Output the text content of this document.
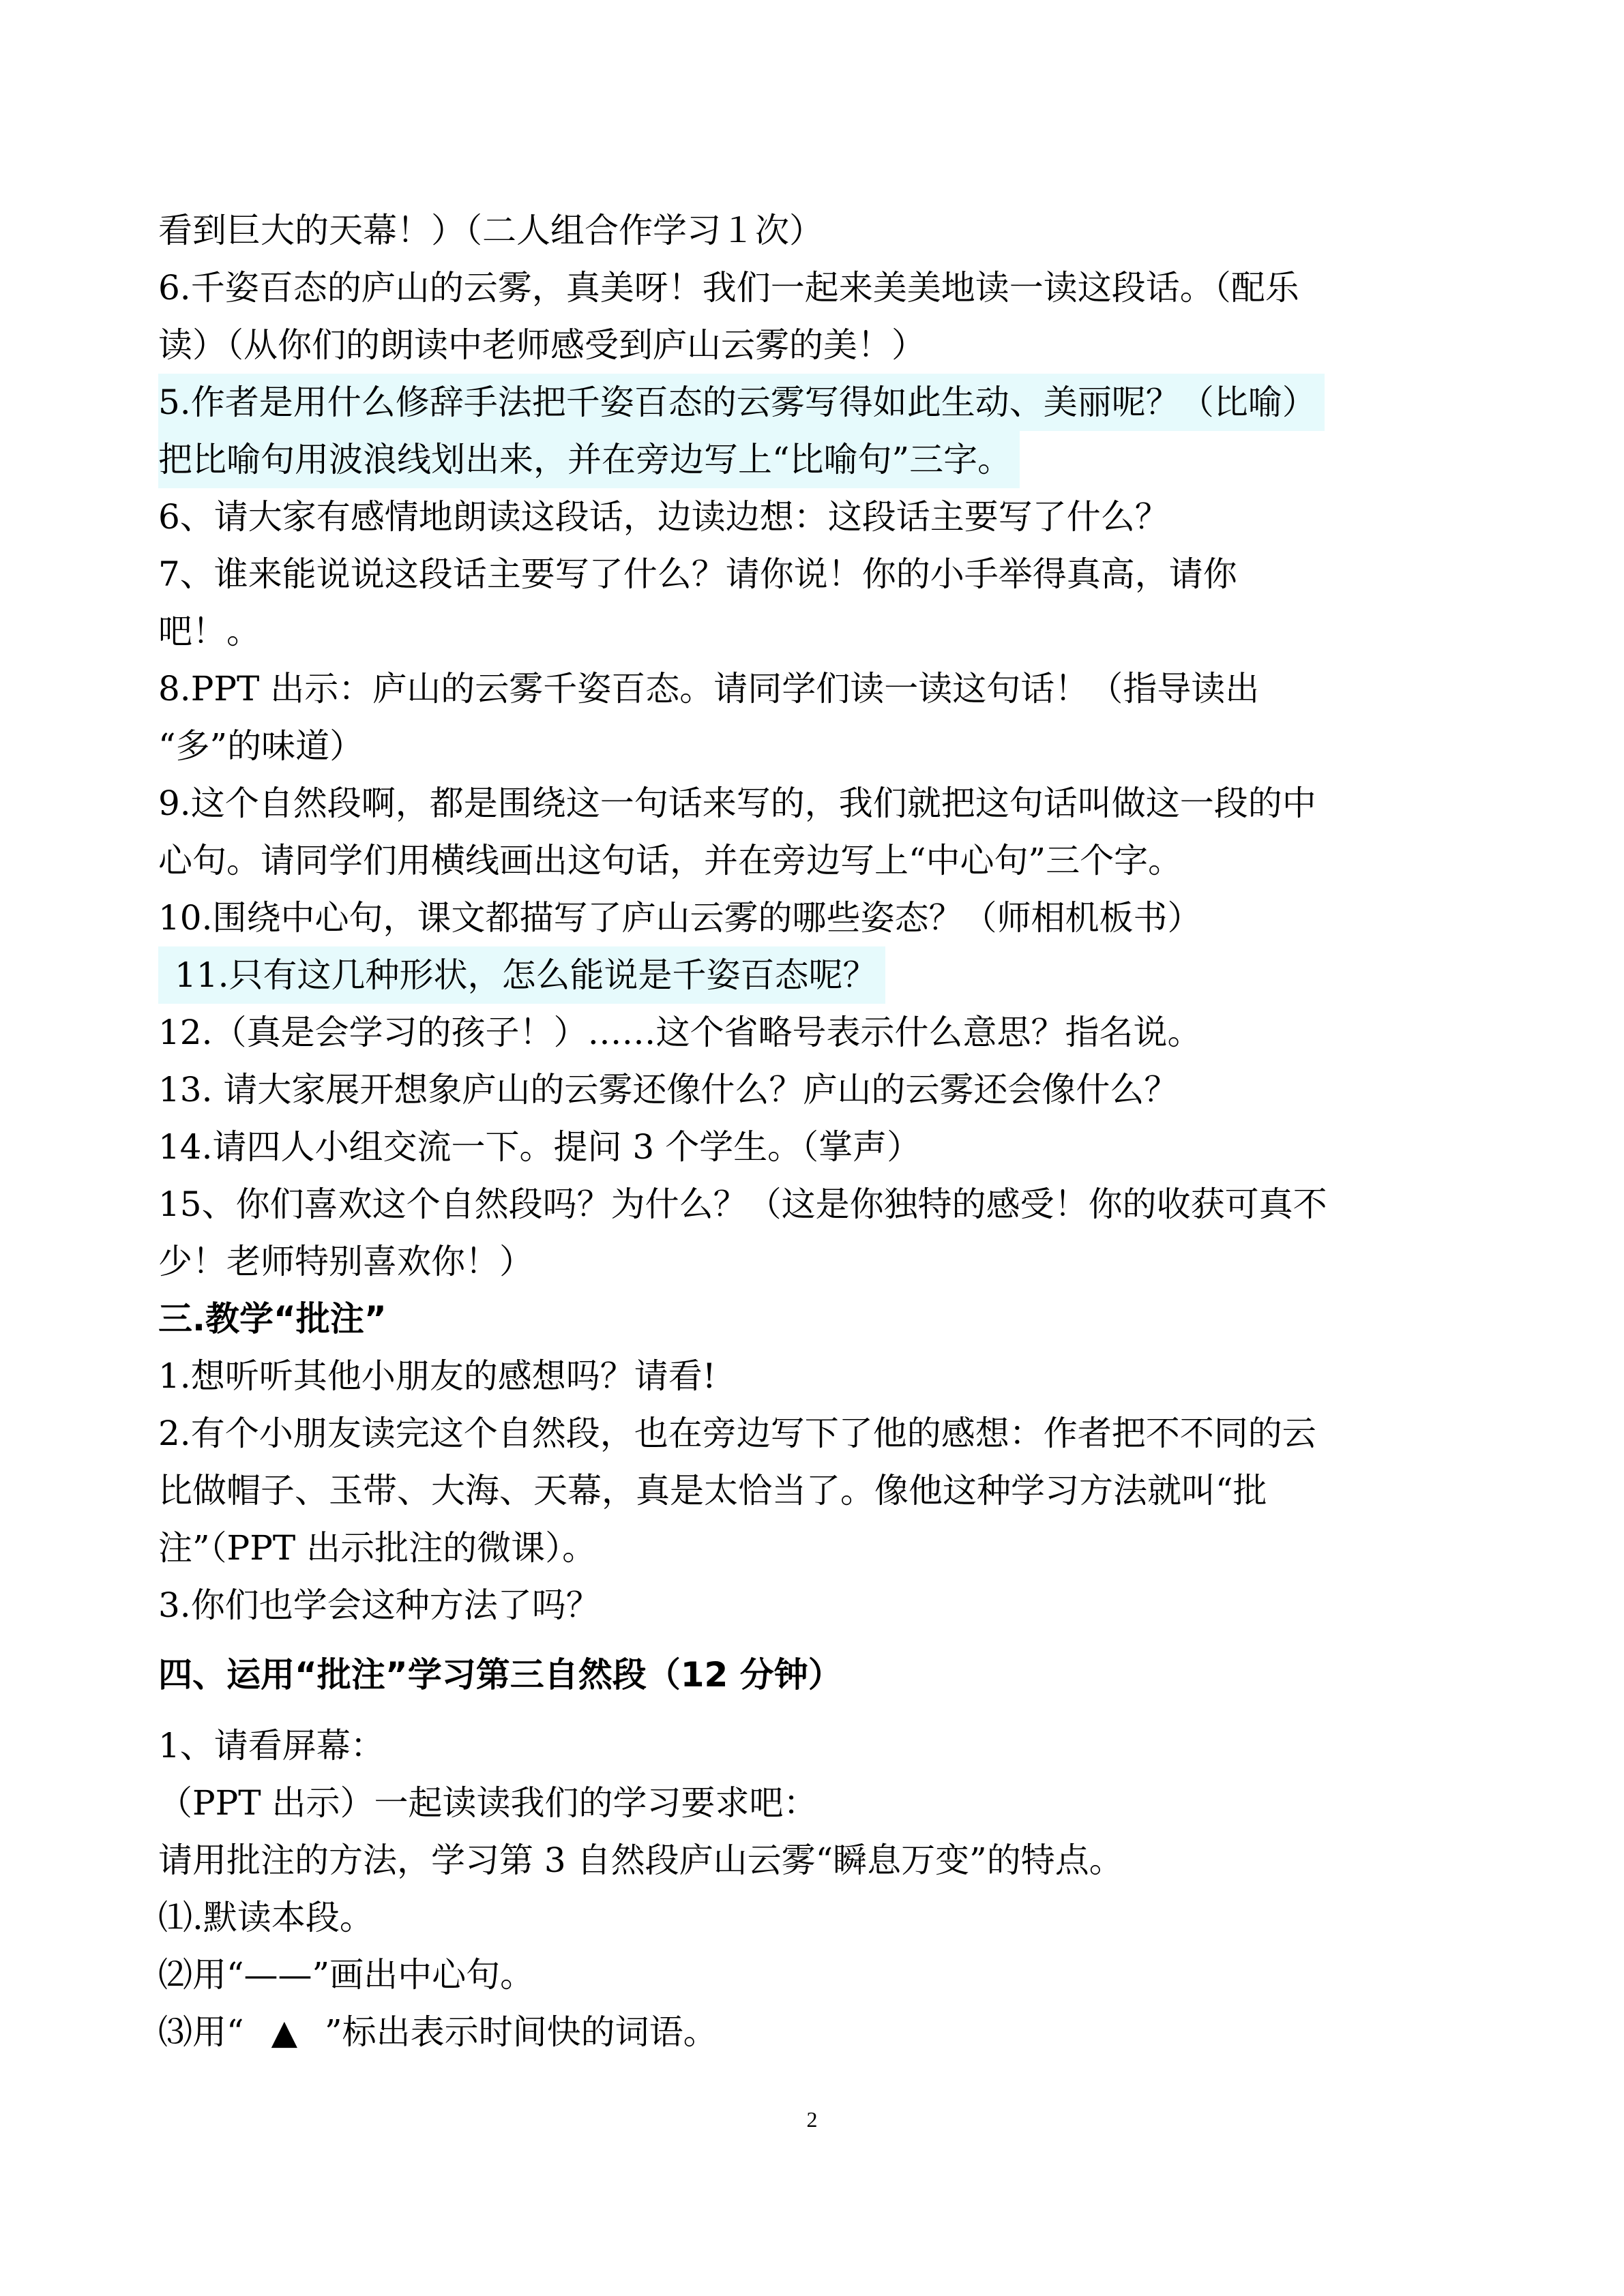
看到巨大的天幕！）（二人组合作学习１次）
6.千姿百态的庐山的云雾，真美呀！我们一起来美美地读一读这段话。（配乐
读）（从你们的朗读中老师感受到庐山云雾的美！）
5.作者是用什么修辞手法把千姿百态的云雾写得如此生动、美丽呢？（比喻）
把比喻句用波浪线划出来，并在旁边写上“比喻句”三字。
6、请大家有感情地朗读这段话，边读边想：这段话主要写了什么？
7、谁来能说说这段话主要写了什么？请你说！你的小手举得真高，请你
吧！。
8.PPT 出示：庐山的云雾千姿百态。请同学们读一读这句话！（指导读出
“多”的味道）
9.这个自然段啊，都是围绕这一句话来写的，我们就把这句话叫做这一段的中
心句。请同学们用横线画出这句话，并在旁边写上“中心句”三个字。
10.围绕中心句，课文都描写了庐山云雾的哪些姿态？（师相机板书）
11.只有这几种形状，怎么能说是千姿百态呢？
12.（真是会学习的孩子！）……这个省略号表示什么意思？指名说。
13. 请大家展开想象庐山的云雾还像什么？庐山的云雾还会像什么？
14.请四人小组交流一下。提问 3 个学生。（掌声）
15、你们喜欢这个自然段吗？为什么？（这是你独特的感受！你的收获可真不
少！老师特别喜欢你！）
三.教学“批注”
1.想听听其他小朋友的感想吗？请看!
2.有个小朋友读完这个自然段，也在旁边写下了他的感想：作者把不不同的云
比做帽子、玉带、大海、天幕，真是太恰当了。像他这种学习方法就叫“批
注”（PPT 出示批注的微课）。
3.你们也学会这种方法了吗？
四、运用“批注”学习第三自然段（12 分钟）
1、请看屏幕：
（PPT 出示）一起读读我们的学习要求吧：
请用批注的方法，学习第 3 自然段庐山云雾“瞬息万变”的特点。
⑴.默读本段。
⑵用“——”画出中心句。
⑶用“ ▲ ”标出表示时间快的词语。
2
